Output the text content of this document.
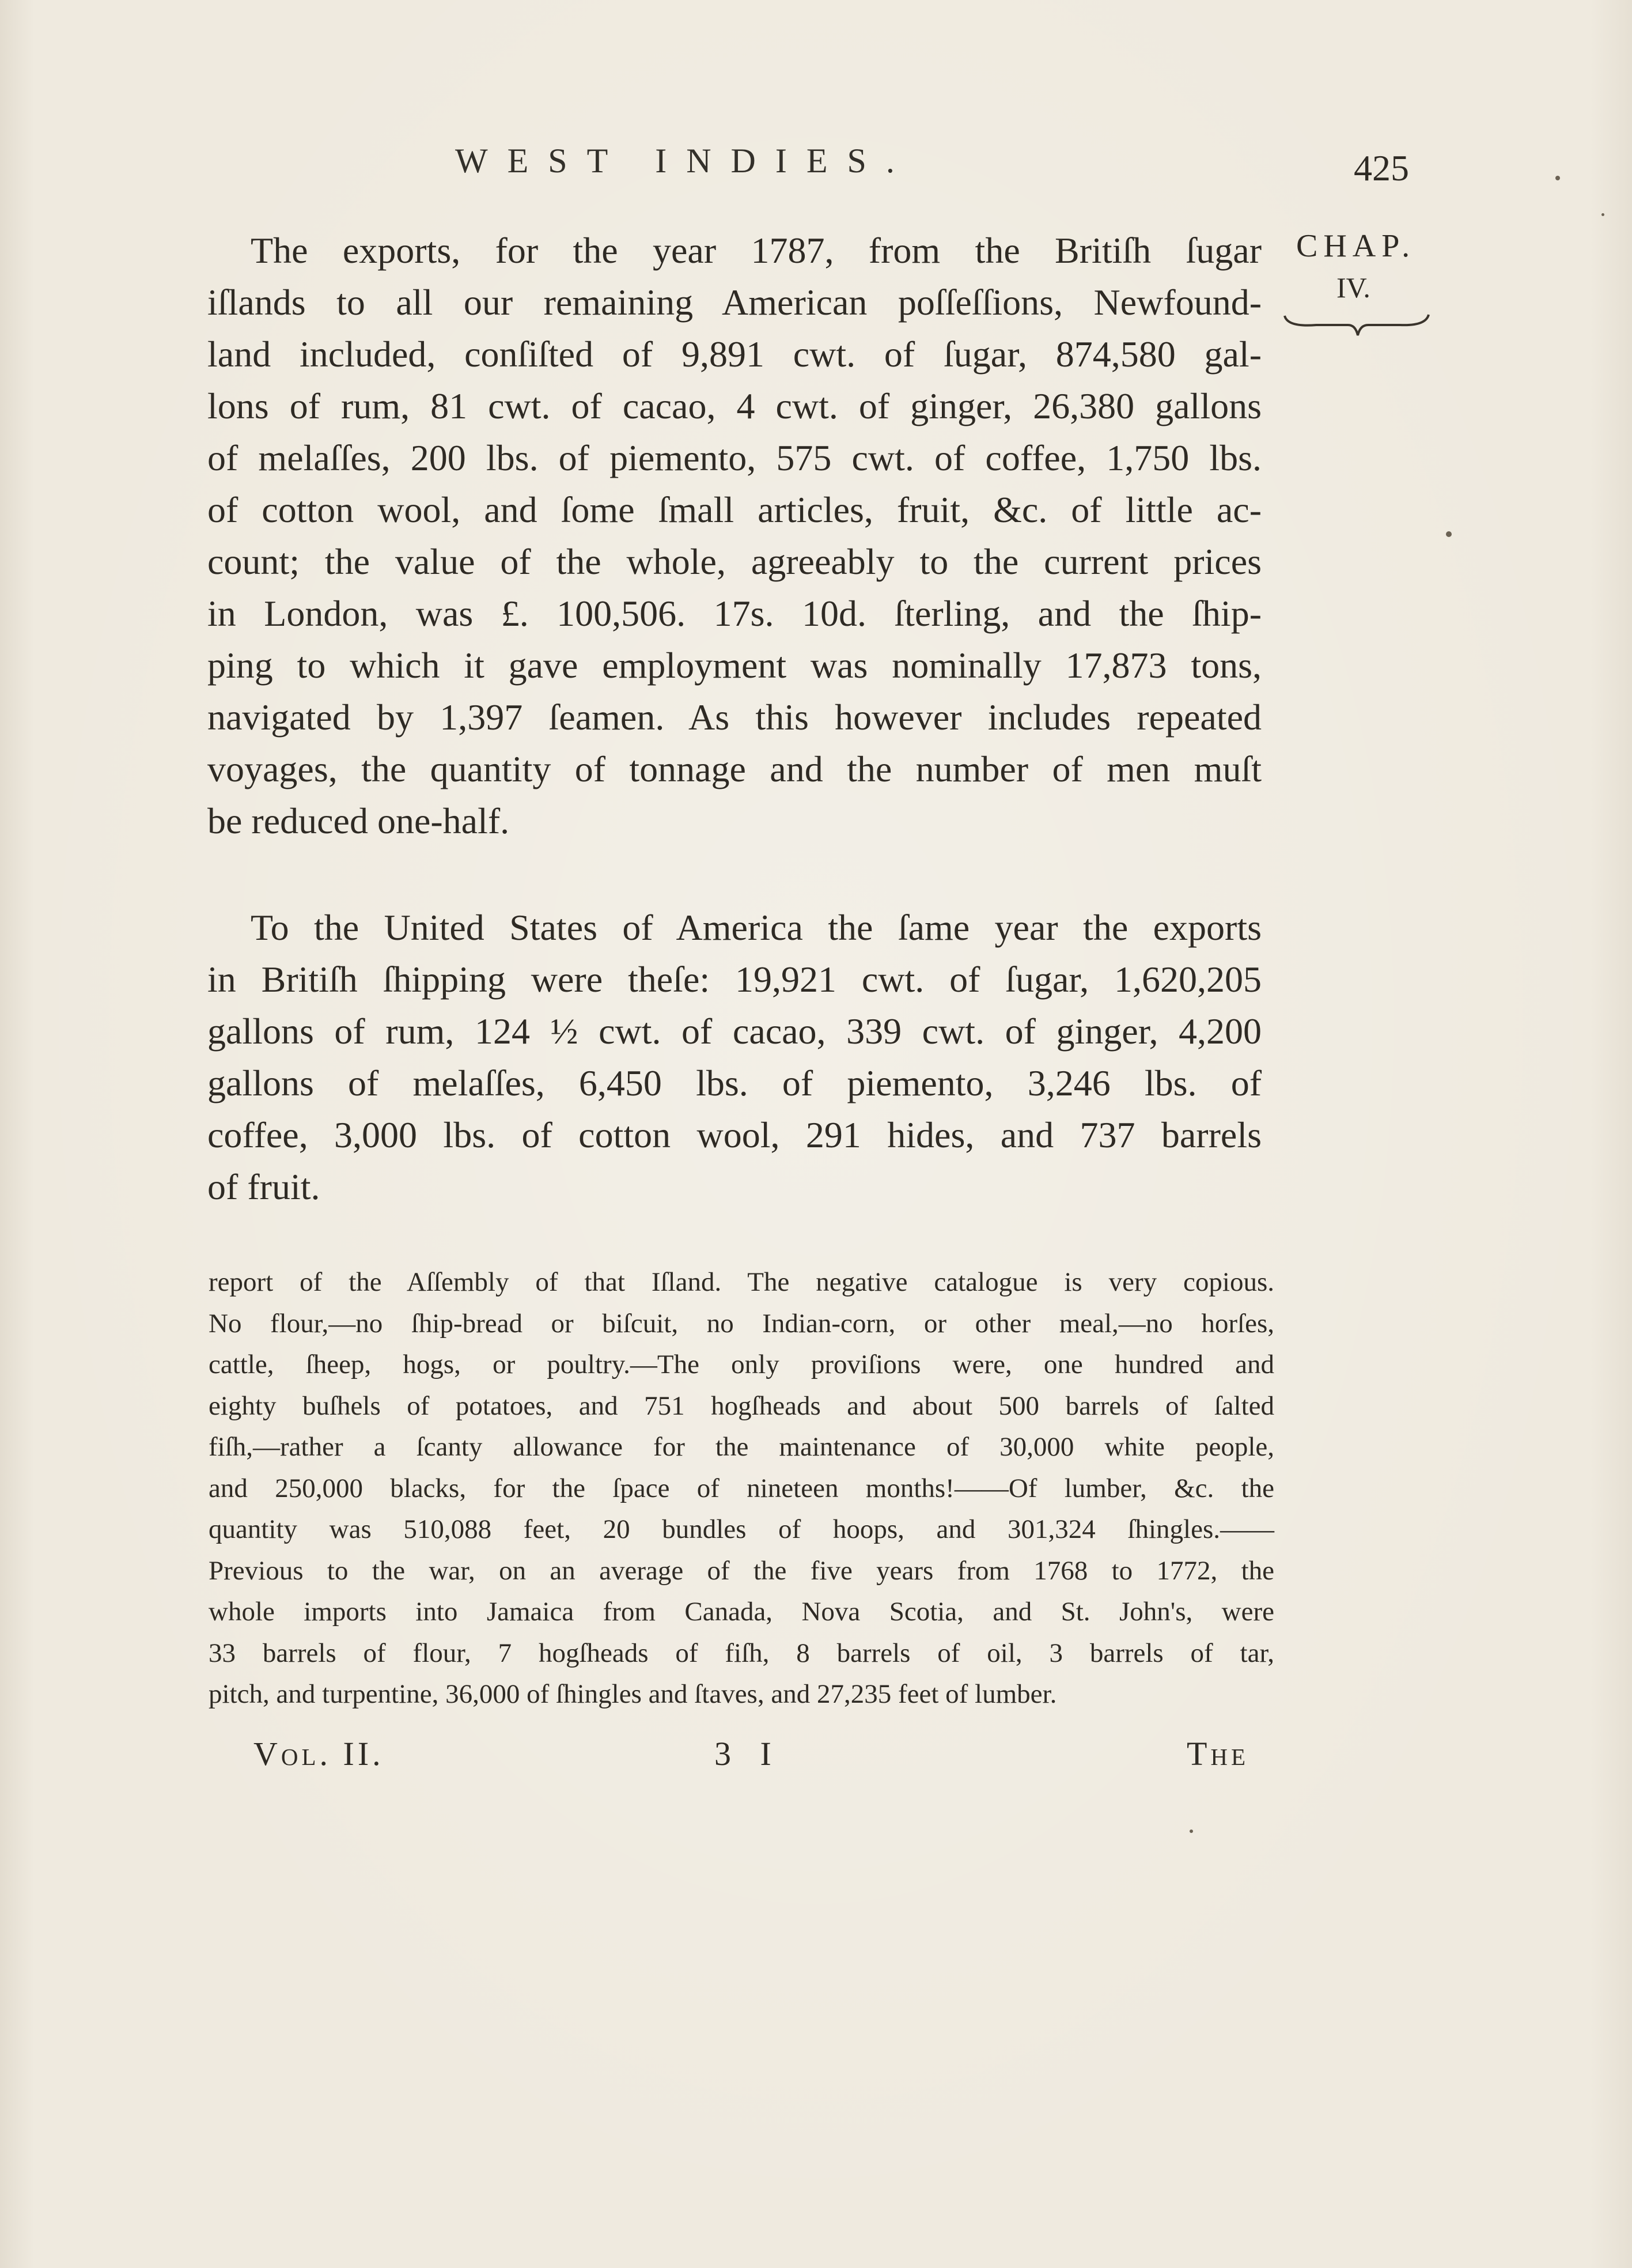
WEST INDIES.	425
CHAP.
IV.
The exports, for the year 1787, from the Britiſh ſugar
iſlands to all our remaining American poſſeſſions, Newfound-
land included, conſiſted of 9,891 cwt. of ſugar, 874,580 gal-
lons of rum, 81 cwt. of cacao, 4 cwt. of ginger, 26,380 gallons
of melaſſes, 200 lbs. of piemento, 575 cwt. of coffee, 1,750 lbs.
of cotton wool, and ſome ſmall articles, fruit, &c. of little ac-
count; the value of the whole, agreeably to the current prices
in London, was £. 100,506. 17s. 10d. ſterling, and the ſhip-
ping to which it gave employment was nominally 17,873 tons,
navigated by 1,397 ſeamen. As this however includes repeated
voyages, the quantity of tonnage and the number of men muſt
be reduced one-half.
To the United States of America the ſame year the exports
in Britiſh ſhipping were theſe: 19,921 cwt. of ſugar, 1,620,205
gallons of rum, 124 ½ cwt. of cacao, 339 cwt. of ginger, 4,200
gallons of melaſſes, 6,450 lbs. of piemento, 3,246 lbs. of
coffee, 3,000 lbs. of cotton wool, 291 hides, and 737 barrels
of fruit.
report of the Aſſembly of that Iſland. The negative catalogue is very copious.
No flour,—no ſhip-bread or biſcuit, no Indian-corn, or other meal,—no horſes,
cattle, ſheep, hogs, or poultry.—The only proviſions were, one hundred and
eighty buſhels of potatoes, and 751 hogſheads and about 500 barrels of ſalted
fiſh,—rather a ſcanty allowance for the maintenance of 30,000 white people,
and 250,000 blacks, for the ſpace of nineteen months!——Of lumber, &c. the
quantity was 510,088 feet, 20 bundles of hoops, and 301,324 ſhingles.——
Previous to the war, on an average of the five years from 1768 to 1772, the
whole imports into Jamaica from Canada, Nova Scotia, and St. John's, were
33 barrels of flour, 7 hogſheads of fiſh, 8 barrels of oil, 3 barrels of tar,
pitch, and turpentine, 36,000 of ſhingles and ſtaves, and 27,235 feet of lumber.
Vol. II.	3 I	The
